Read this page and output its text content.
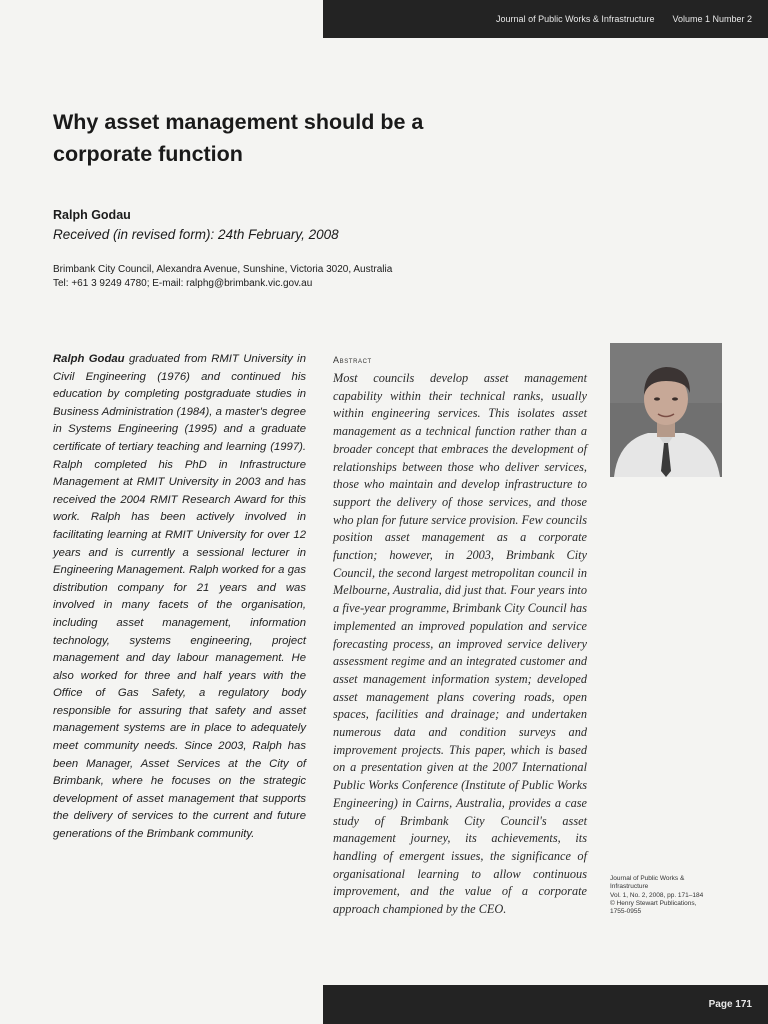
Journal of Public Works & Infrastructure Volume 1 Number 2
Why asset management should be a
corporate function
Ralph Godau
Received (in revised form): 24th February, 2008
Brimbank City Council, Alexandra Avenue, Sunshine, Victoria 3020, Australia
Tel: +61 3 9249 4780; E-mail: ralphg@brimbank.vic.gov.au
Ralph Godau graduated from RMIT University in Civil Engineering (1976) and continued his education by completing postgraduate studies in Business Administration (1984), a master's degree in Systems Engineering (1995) and a graduate certificate of tertiary teaching and learning (1997). Ralph completed his PhD in Infrastructure Management at RMIT University in 2003 and has received the 2004 RMIT Research Award for this work. Ralph has been actively involved in facilitating learning at RMIT University for over 12 years and is currently a sessional lecturer in Engineering Management. Ralph worked for a gas distribution company for 21 years and was involved in many facets of the organisation, including asset management, information technology, systems engineering, project management and day labour management. He also worked for three and half years with the Office of Gas Safety, a regulatory body responsible for assuring that safety and asset management systems are in place to adequately meet community needs. Since 2003, Ralph has been Manager, Asset Services at the City of Brimbank, where he focuses on the strategic development of asset management that supports the delivery of services to the current and future generations of the Brimbank community.
Abstract
Most councils develop asset management capability within their technical ranks, usually within engineering services. This isolates asset management as a technical function rather than a broader concept that embraces the development of relationships between those who deliver services, those who maintain and develop infrastructure to support the delivery of those services, and those who plan for future service provision. Few councils position asset management as a corporate function; however, in 2003, Brimbank City Council, the second largest metropolitan council in Melbourne, Australia, did just that. Four years into a five-year programme, Brimbank City Council has implemented an improved population and service forecasting process, an improved service delivery assessment regime and an integrated customer and asset management information system; developed asset management plans covering roads, open spaces, facilities and drainage; and undertaken numerous data and condition surveys and improvement projects. This paper, which is based on a presentation given at the 2007 International Public Works Conference (Institute of Public Works Engineering) in Cairns, Australia, provides a case study of Brimbank City Council's asset management journey, its achievements, its handling of emergent issues, the significance of organisational learning to allow continuous improvement, and the value of a corporate approach championed by the CEO.
Journal of Public Works &
Infrastructure
Vol. 1, No. 2, 2008, pp. 171–184
© Henry Stewart Publications,
1755-0955
Page 171
